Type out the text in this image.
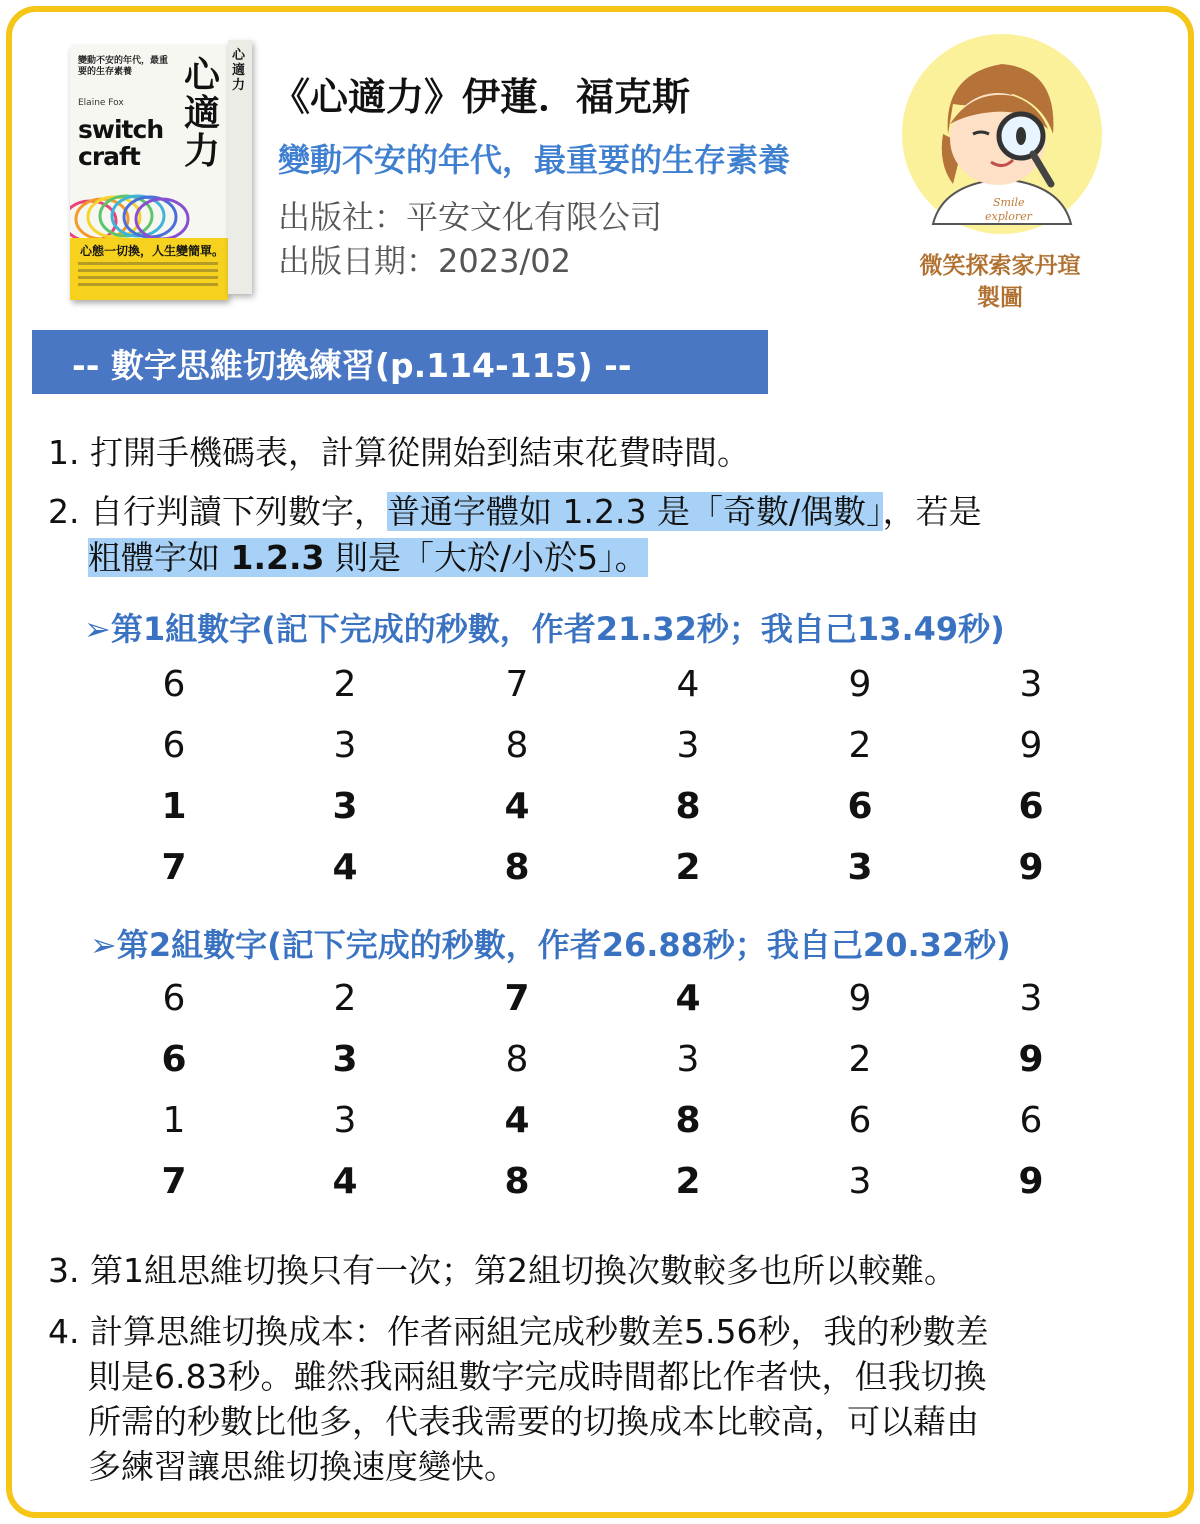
變動不安的年代，最重要的生存素養
Elaine Fox
switch craft
心適力
心態一切換，人生變簡單。
心適力 《心適力》伊蓮．福克斯
變動不安的年代，最重要的生存素養
出版社：平安文化有限公司
出版日期：2023/02
Smile
explorer
微笑探索家丹瑄
製圖
-- 數字思維切換練習(p.114-115) --
1. 打開手機碼表，計算從開始到結束花費時間。
2. 自行判讀下列數字，普通字體如 1.2.3 是「奇數/偶數」，若是
粗體字如 1.2.3 則是「大於/小於5」。
➢第1組數字(記下完成的秒數，作者21.32秒；我自己13.49秒)
6	2	7	4	9	3
6	3	8	3	2	9
1	3	4	8	6	6
7	4	8	2	3	9
➢第2組數字(記下完成的秒數，作者26.88秒；我自己20.32秒)
6	2	7	4	9	3
6	3	8	3	2	9
1	3	4	8	6	6
7	4	8	2	3	9
3. 第1組思維切換只有一次；第2組切換次數較多也所以較難。
4. 計算思維切換成本：作者兩組完成秒數差5.56秒，我的秒數差
則是6.83秒。雖然我兩組數字完成時間都比作者快，但我切換
所需的秒數比他多，代表我需要的切換成本比較高，可以藉由
多練習讓思維切換速度變快。
